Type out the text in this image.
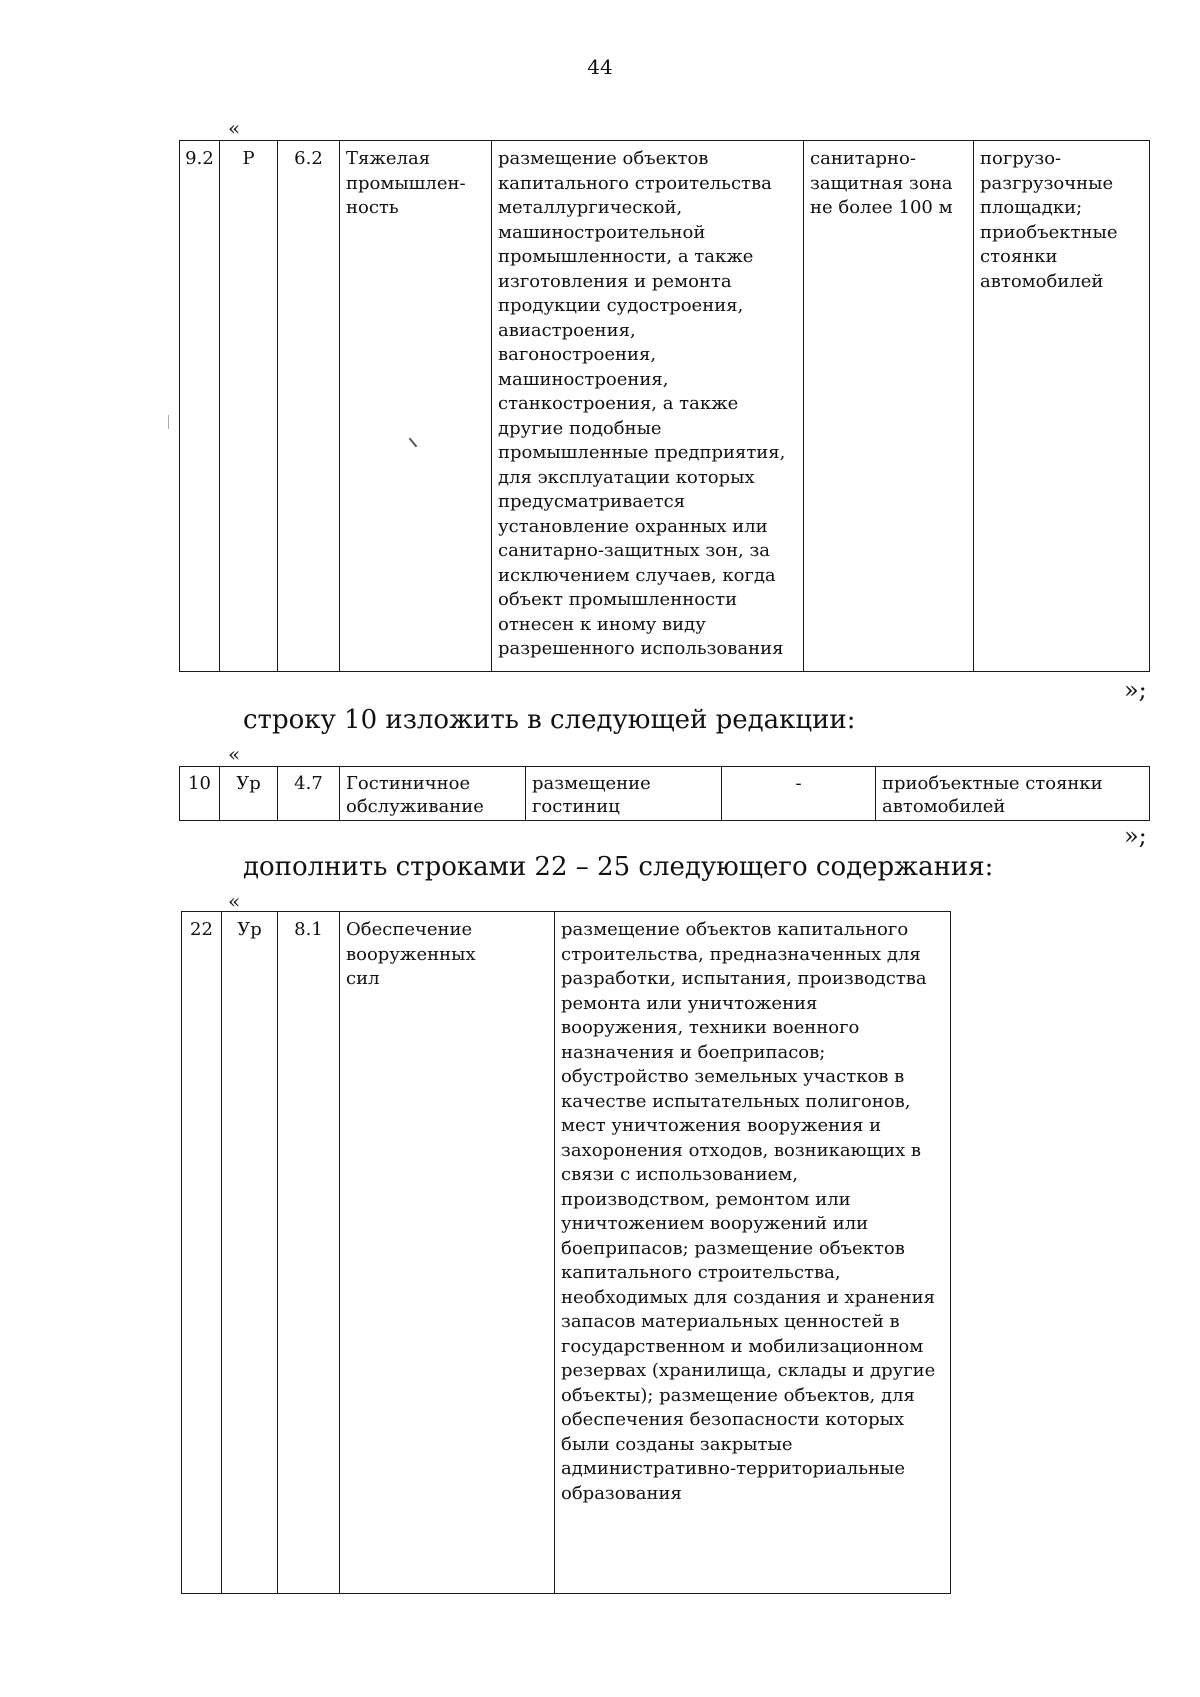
44
«
9.2	Р	6.2	Тяжелая
промышлен-
ность	размещение объектов
капитального строительства
металлургической,
машиностроительной
промышленности, а также
изготовления и ремонта
продукции судостроения,
авиастроения,
вагоностроения,
машиностроения,
станкостроения, а также
другие подобные
промышленные предприятия,
для эксплуатации которых
предусматривается
установление охранных или
санитарно-защитных зон, за
исключением случаев, когда
объект промышленности
отнесен к иному виду
разрешенного использования	санитарно-
защитная зона
не более 100 м	погрузо-
разгрузочные
площадки;
приобъектные
стоянки
автомобилей
»;
строку 10 изложить в следующей редакции:
«
10	Ур	4.7	Гостиничное
обслуживание	размещение
гостиниц	-	приобъектные стоянки
автомобилей
»;
дополнить строками 22 – 25 следующего содержания:
«
22	Ур	8.1	Обеспечение
вооруженных
сил	размещение объектов капитального
строительства, предназначенных для
разработки, испытания, производства
ремонта или уничтожения
вооружения, техники военного
назначения и боеприпасов;
обустройство земельных участков в
качестве испытательных полигонов,
мест уничтожения вооружения и
захоронения отходов, возникающих в
связи с использованием,
производством, ремонтом или
уничтожением вооружений или
боеприпасов; размещение объектов
капитального строительства,
необходимых для создания и хранения
запасов материальных ценностей в
государственном и мобилизационном
резервах (хранилища, склады и другие
объекты); размещение объектов, для
обеспечения безопасности которых
были созданы закрытые
административно-территориальные
образования	
